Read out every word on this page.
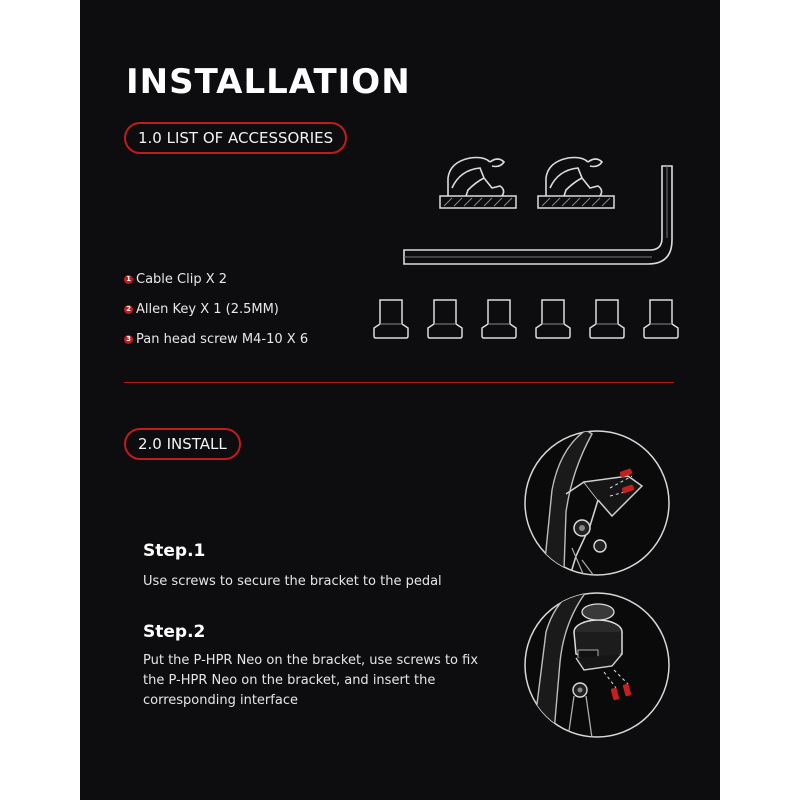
INSTALLATION
1.0 LIST OF ACCESSORIES
1 Cable Clip X 2
2 Allen Key X 1 (2.5MM)
3 Pan head screw M4-10 X 6
2.0 INSTALL
Step.1
Use screws to secure the bracket to the pedal
Step.2
Put the P-HPR Neo on the bracket, use screws to fix the P-HPR Neo on the bracket, and insert the corresponding interface
